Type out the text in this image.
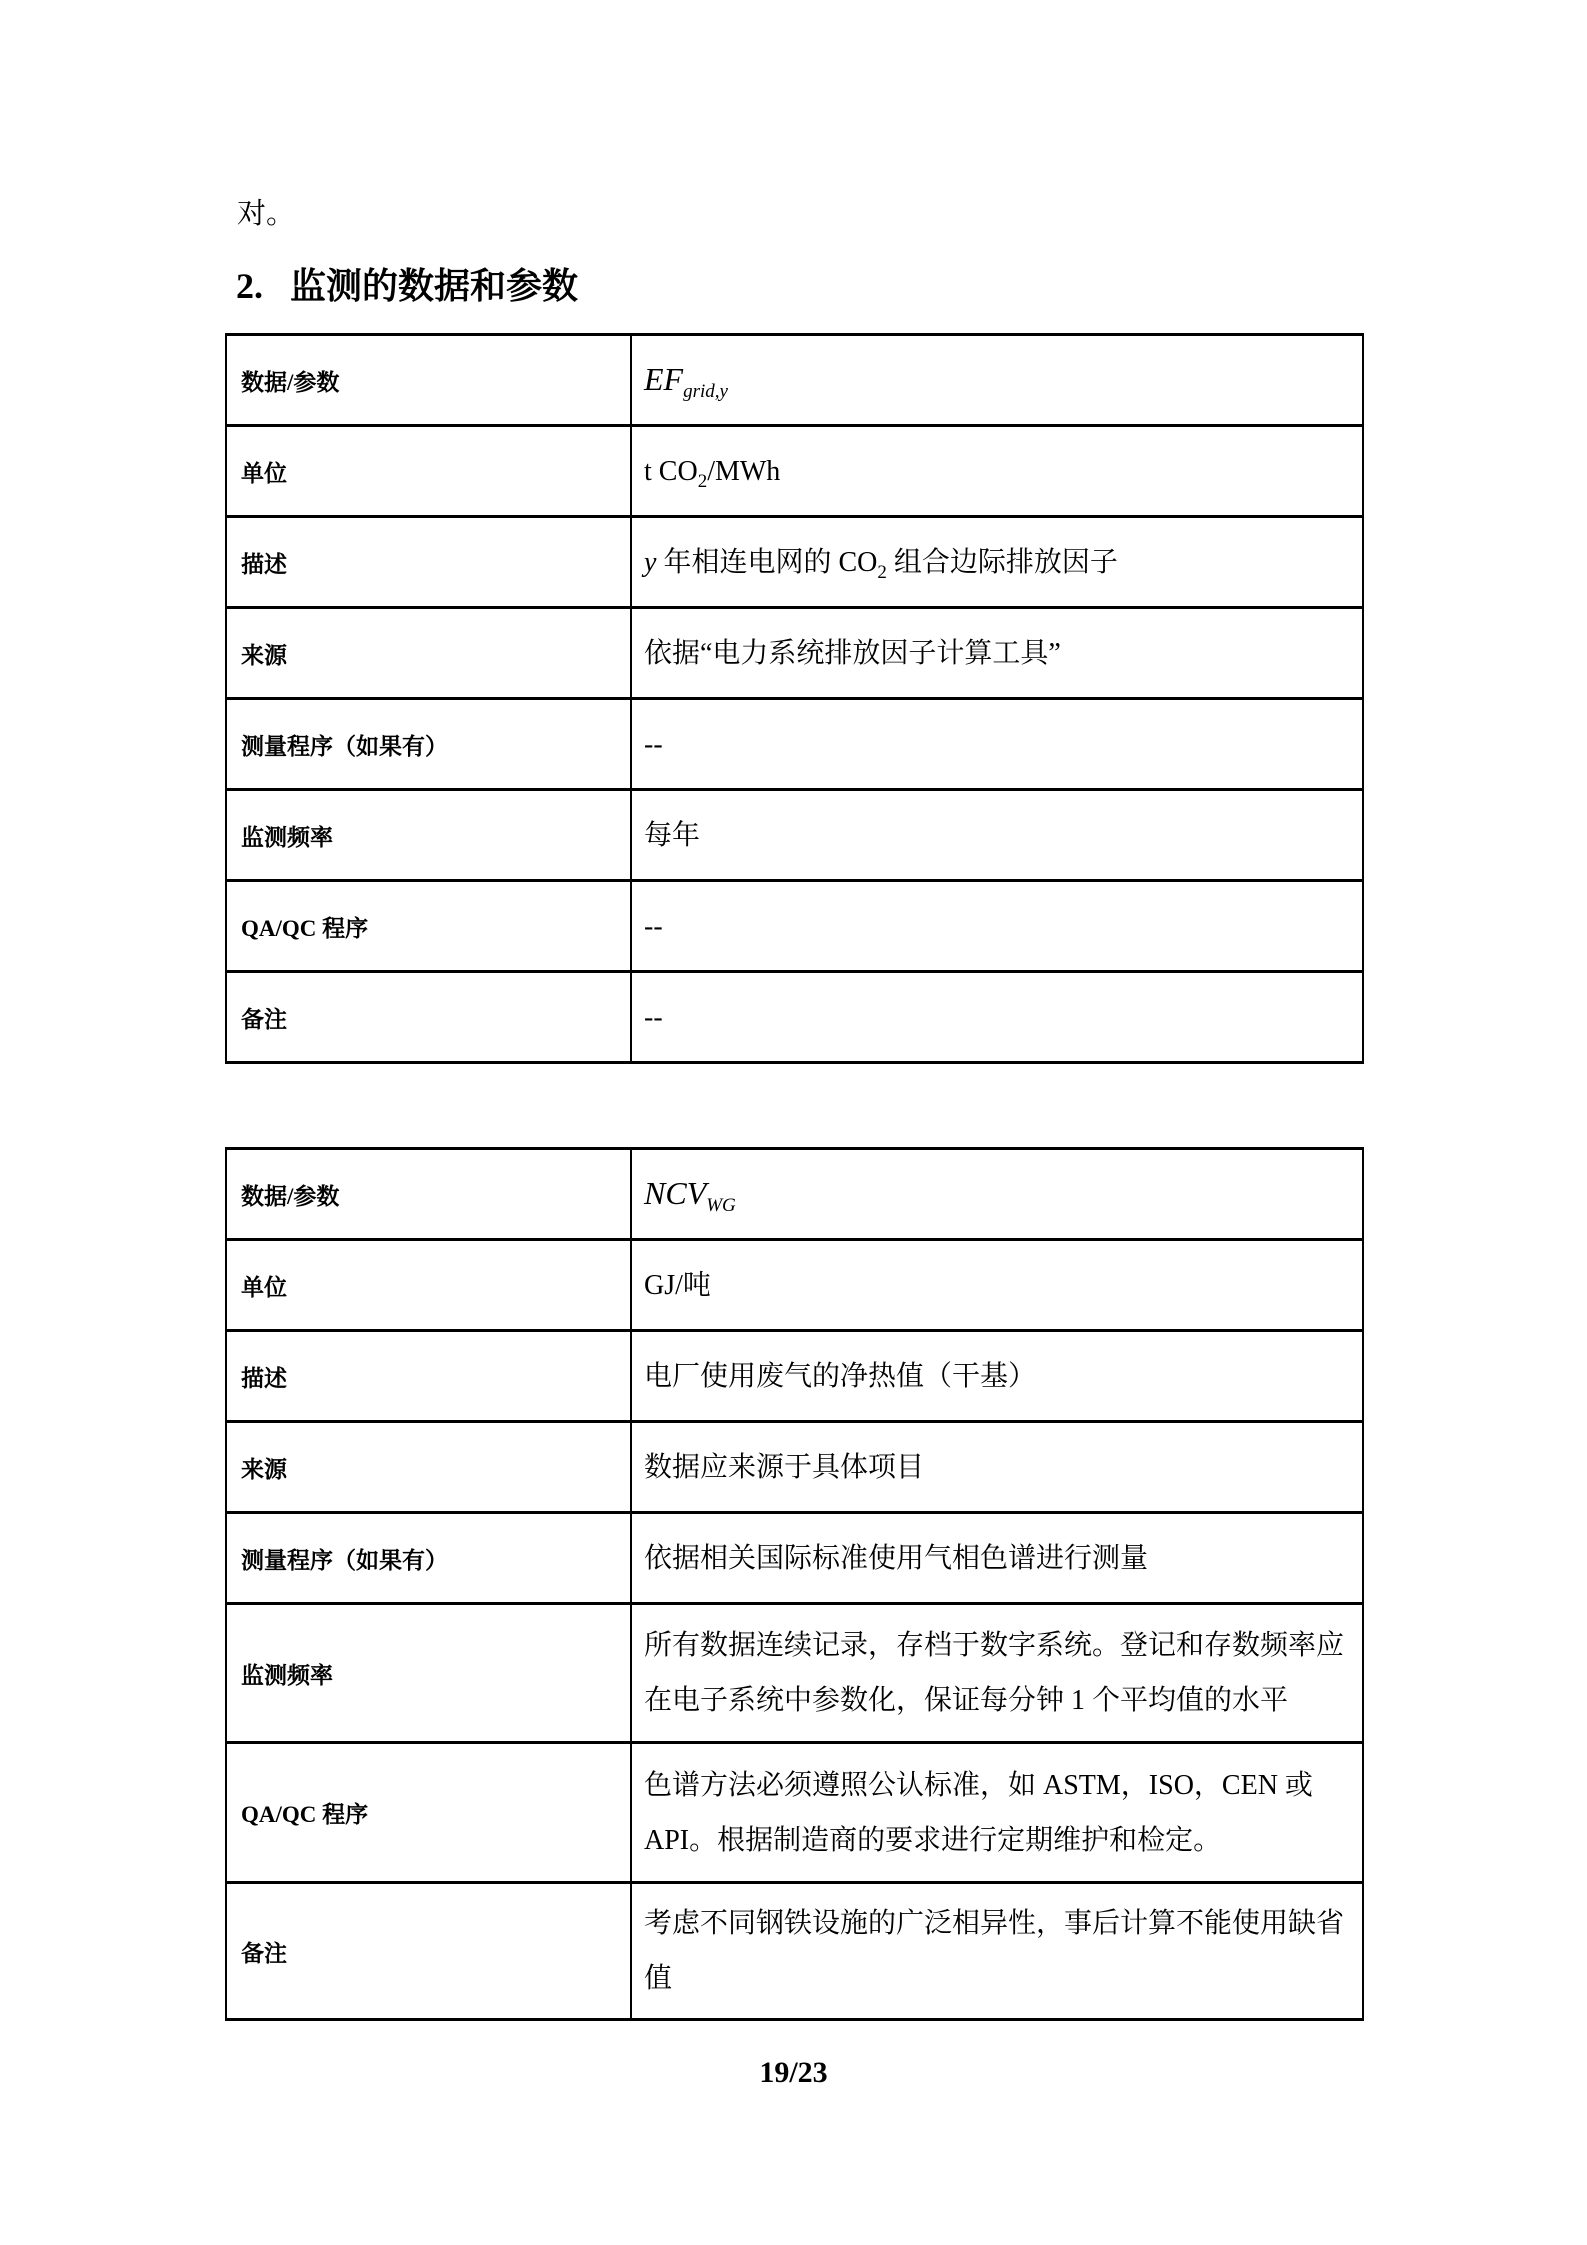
对。

2. 监测的数据和参数
数据/参数	$EF_{grid,y}$
单位	t $CO_2$/MWh
描述	y 年相连电网的 $CO_2$ 组合边际排放因子
来源	依据“电力系统排放因子计算工具”
测量程序（如果有）	--
监测频率	每年
QA/QC 程序	--
备注	--
数据/参数	$NCV_{WG}$
单位	GJ/吨
描述	电厂使用废气的净热值（干基）
来源	数据应来源于具体项目
测量程序（如果有）	依据相关国际标准使用气相色谱进行测量
监测频率	所有数据连续记录，存档于数字系统。登记和存数频率应在电子系统中参数化，保证每分钟 1 个平均值的水平
QA/QC 程序	色谱方法必须遵照公认标准，如 ASTM，ISO，CEN 或 API。根据制造商的要求进行定期维护和检定。
备注	考虑不同钢铁设施的广泛相异性，事后计算不能使用缺省值
19/23
